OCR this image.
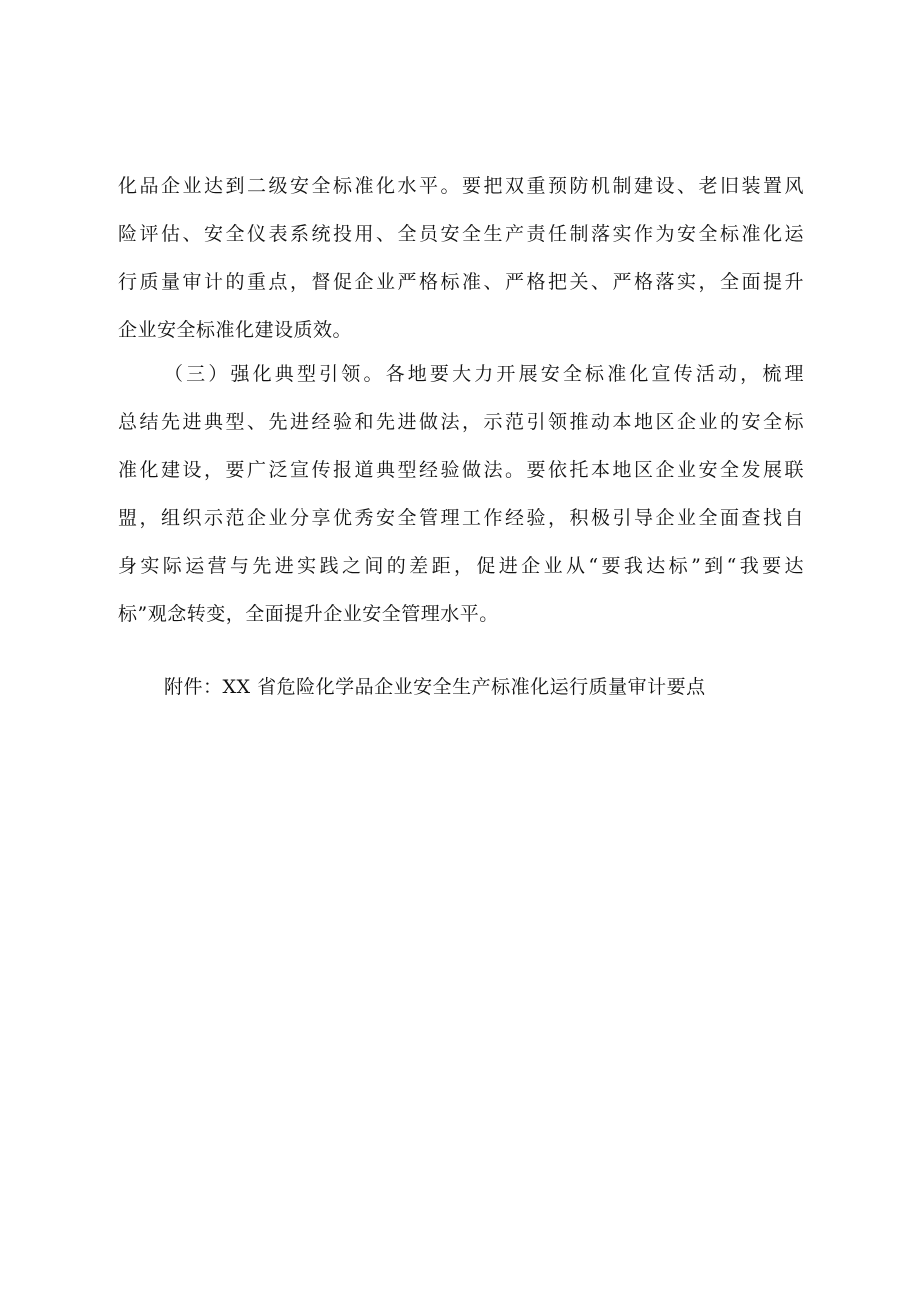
化品企业达到二级安全标准化水平。要把双重预防机制建设、老旧装置风
险评估、安全仪表系统投用、全员安全生产责任制落实作为安全标准化运
行质量审计的重点，督促企业严格标准、严格把关、严格落实，全面提升
企业安全标准化建设质效。
（三）强化典型引领。各地要大力开展安全标准化宣传活动，梳理
总结先进典型、先进经验和先进做法，示范引领推动本地区企业的安全标
准化建设，要广泛宣传报道典型经验做法。要依托本地区企业安全发展联
盟，组织示范企业分享优秀安全管理工作经验，积极引导企业全面查找自
身实际运营与先进实践之间的差距，促进企业从“要我达标”到“我要达
标”观念转变，全面提升企业安全管理水平。
附件：XX 省危险化学品企业安全生产标准化运行质量审计要点
